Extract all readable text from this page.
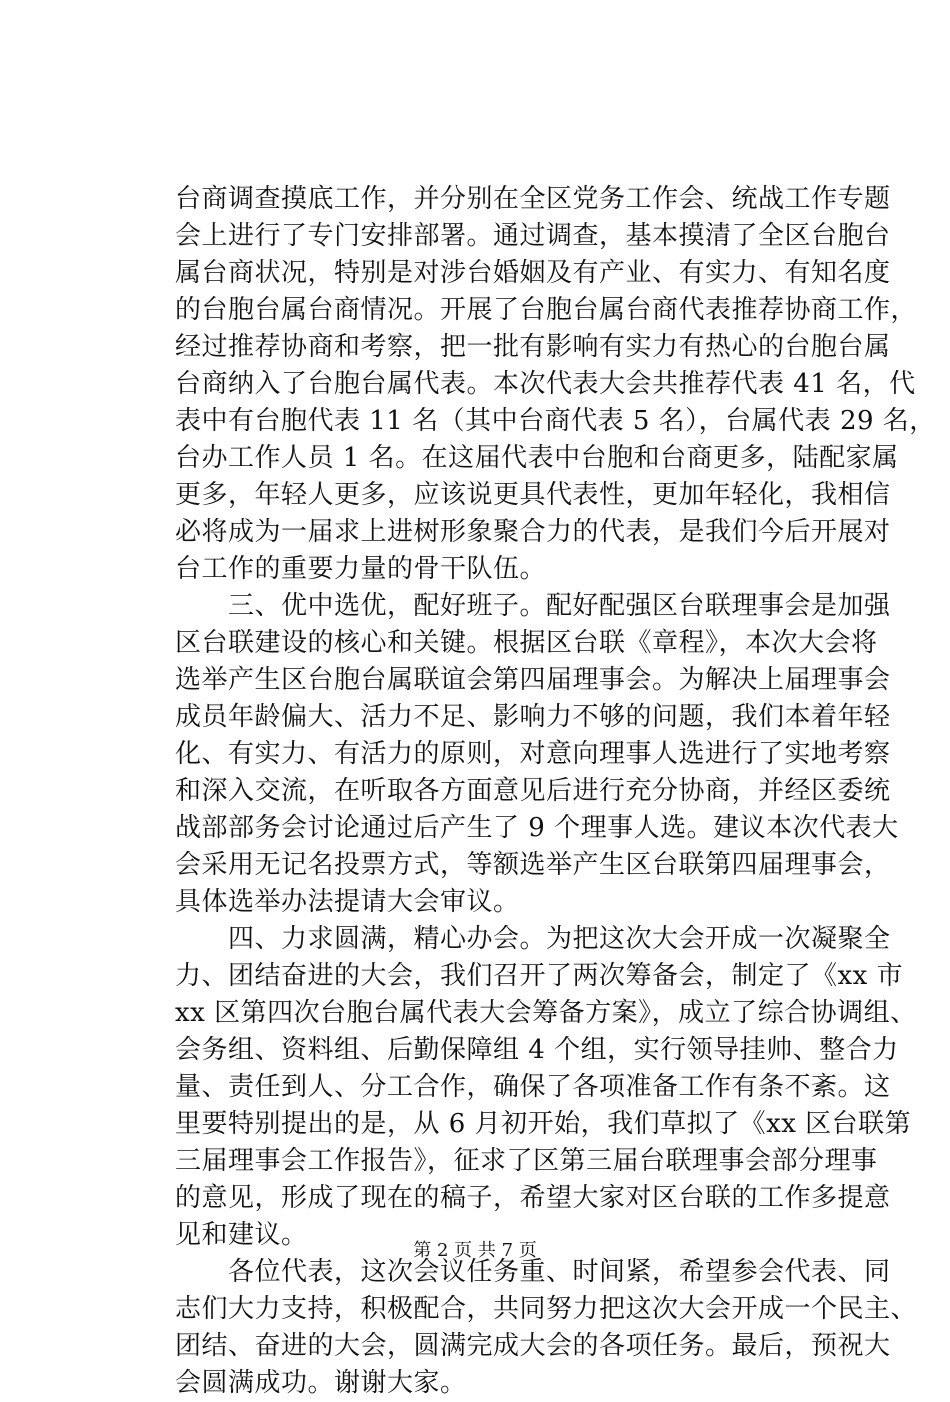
台商调查摸底工作，并分别在全区党务工作会、统战工作专题
会上进行了专门安排部署。通过调查，基本摸清了全区台胞台
属台商状况，特别是对涉台婚姻及有产业、有实力、有知名度
的台胞台属台商情况。开展了台胞台属台商代表推荐协商工作，
经过推荐协商和考察，把一批有影响有实力有热心的台胞台属
台商纳入了台胞台属代表。本次代表大会共推荐代表 41 名，代
表中有台胞代表 11 名（其中台商代表 5 名），台属代表 29 名，
台办工作人员 1 名。在这届代表中台胞和台商更多，陆配家属
更多，年轻人更多，应该说更具代表性，更加年轻化，我相信
必将成为一届求上进树形象聚合力的代表，是我们今后开展对
台工作的重要力量的骨干队伍。
　　三、优中选优，配好班子。配好配强区台联理事会是加强
区台联建设的核心和关键。根据区台联《章程》，本次大会将
选举产生区台胞台属联谊会第四届理事会。为解决上届理事会
成员年龄偏大、活力不足、影响力不够的问题，我们本着年轻
化、有实力、有活力的原则，对意向理事人选进行了实地考察
和深入交流，在听取各方面意见后进行充分协商，并经区委统
战部部务会讨论通过后产生了 9 个理事人选。建议本次代表大
会采用无记名投票方式，等额选举产生区台联第四届理事会，
具体选举办法提请大会审议。
　　四、力求圆满，精心办会。为把这次大会开成一次凝聚全
力、团结奋进的大会，我们召开了两次筹备会，制定了《xx 市
xx 区第四次台胞台属代表大会筹备方案》，成立了综合协调组、
会务组、资料组、后勤保障组 4 个组，实行领导挂帅、整合力
量、责任到人、分工合作，确保了各项准备工作有条不紊。这
里要特别提出的是，从 6 月初开始，我们草拟了《xx 区台联第
三届理事会工作报告》，征求了区第三届台联理事会部分理事
的意见，形成了现在的稿子，希望大家对区台联的工作多提意
见和建议。
　　各位代表，这次会议任务重、时间紧，希望参会代表、同
志们大力支持，积极配合，共同努力把这次大会开成一个民主、
团结、奋进的大会，圆满完成大会的各项任务。最后，预祝大
会圆满成功。谢谢大家。
第 2 页 共 7 页
